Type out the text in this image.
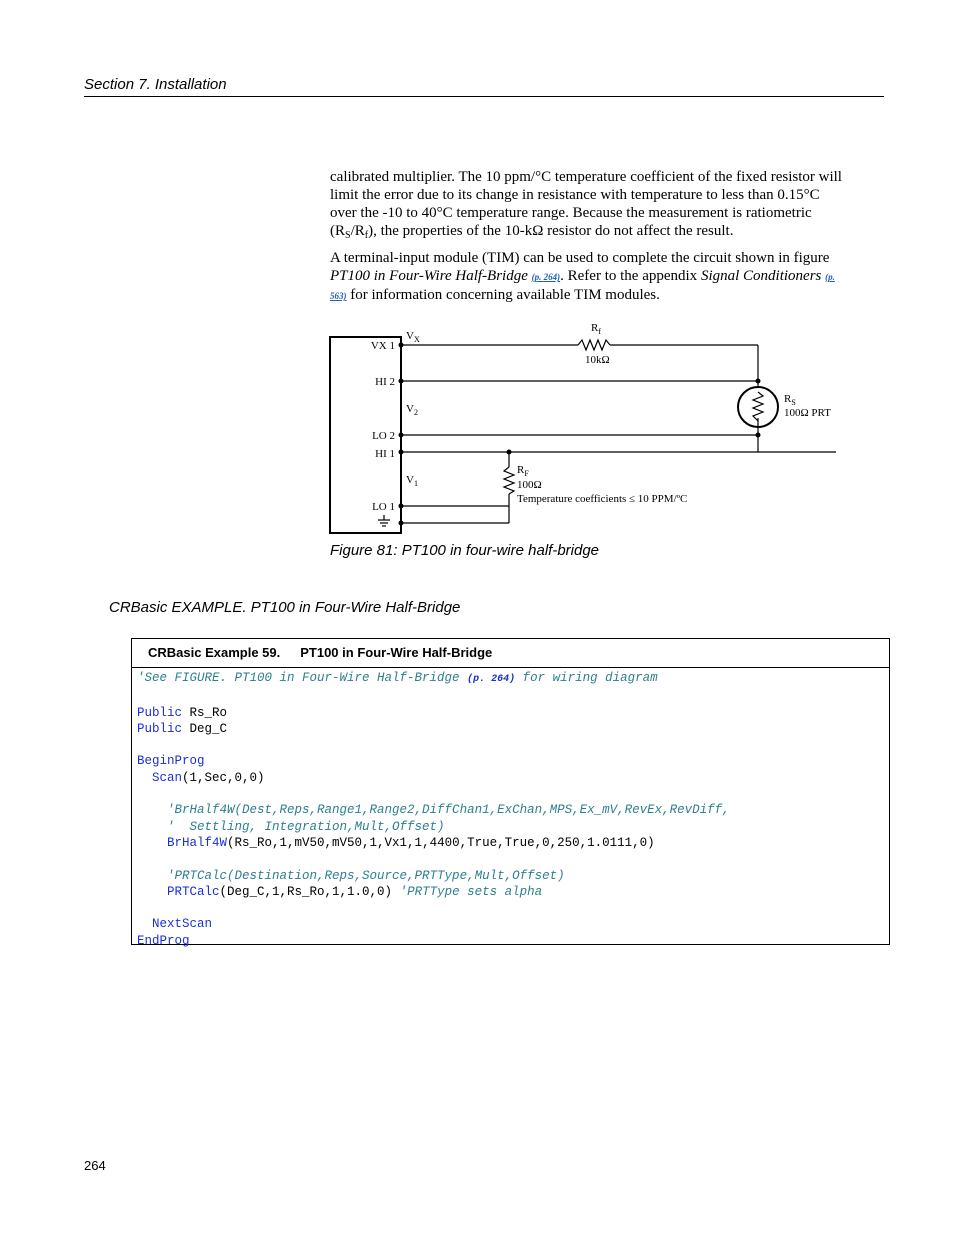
Section 7. Installation

calibrated multiplier. The 10 ppm/°C temperature coefficient of the fixed resistor will limit the error due to its change in resistance with temperature to less than 0.15°C over the -10 to 40°C temperature range. Because the measurement is ratiometric $(R_S/R_f)$, the properties of the 10-kΩ resistor do not affect the result.

A terminal-input module (TIM) can be used to complete the circuit shown in figure PT100 in Four-Wire Half-Bridge (p. 264). Refer to the appendix Signal Conditioners (p. 563) for information concerning available TIM modules.

VX 1
HI 2
LO 2
HI 1
LO 1
$V_X$
$V_2$
$V_1$
$R_f$
10kΩ
$R_S$
100Ω PRT
$R_F$
100Ω
Temperature coefficients ≤ 10 PPM/ºC
Figure 81: PT100 in four-wire half-bridge
CRBasic EXAMPLE. PT100 in Four-Wire Half-Bridge
CRBasic Example 59. PT100 in Four-Wire Half-Bridge
'See FIGURE. PT100 in Four-Wire Half-Bridge (p. 264) for wiring diagram

Public Rs_Ro
Public Deg_C

BeginProg
Scan(1,Sec,0,0)

'BrHalf4W(Dest,Reps,Range1,Range2,DiffChan1,ExChan,MPS,Ex_mV,RevEx,RevDiff,
'  Settling, Integration,Mult,Offset)
BrHalf4W(Rs_Ro,1,mV50,mV50,1,Vx1,1,4400,True,True,0,250,1.0111,0)

'PRTCalc(Destination,Reps,Source,PRTType,Mult,Offset)
PRTCalc(Deg_C,1,Rs_Ro,1,1.0,0) 'PRTType sets alpha

NextScan
EndProg
264
